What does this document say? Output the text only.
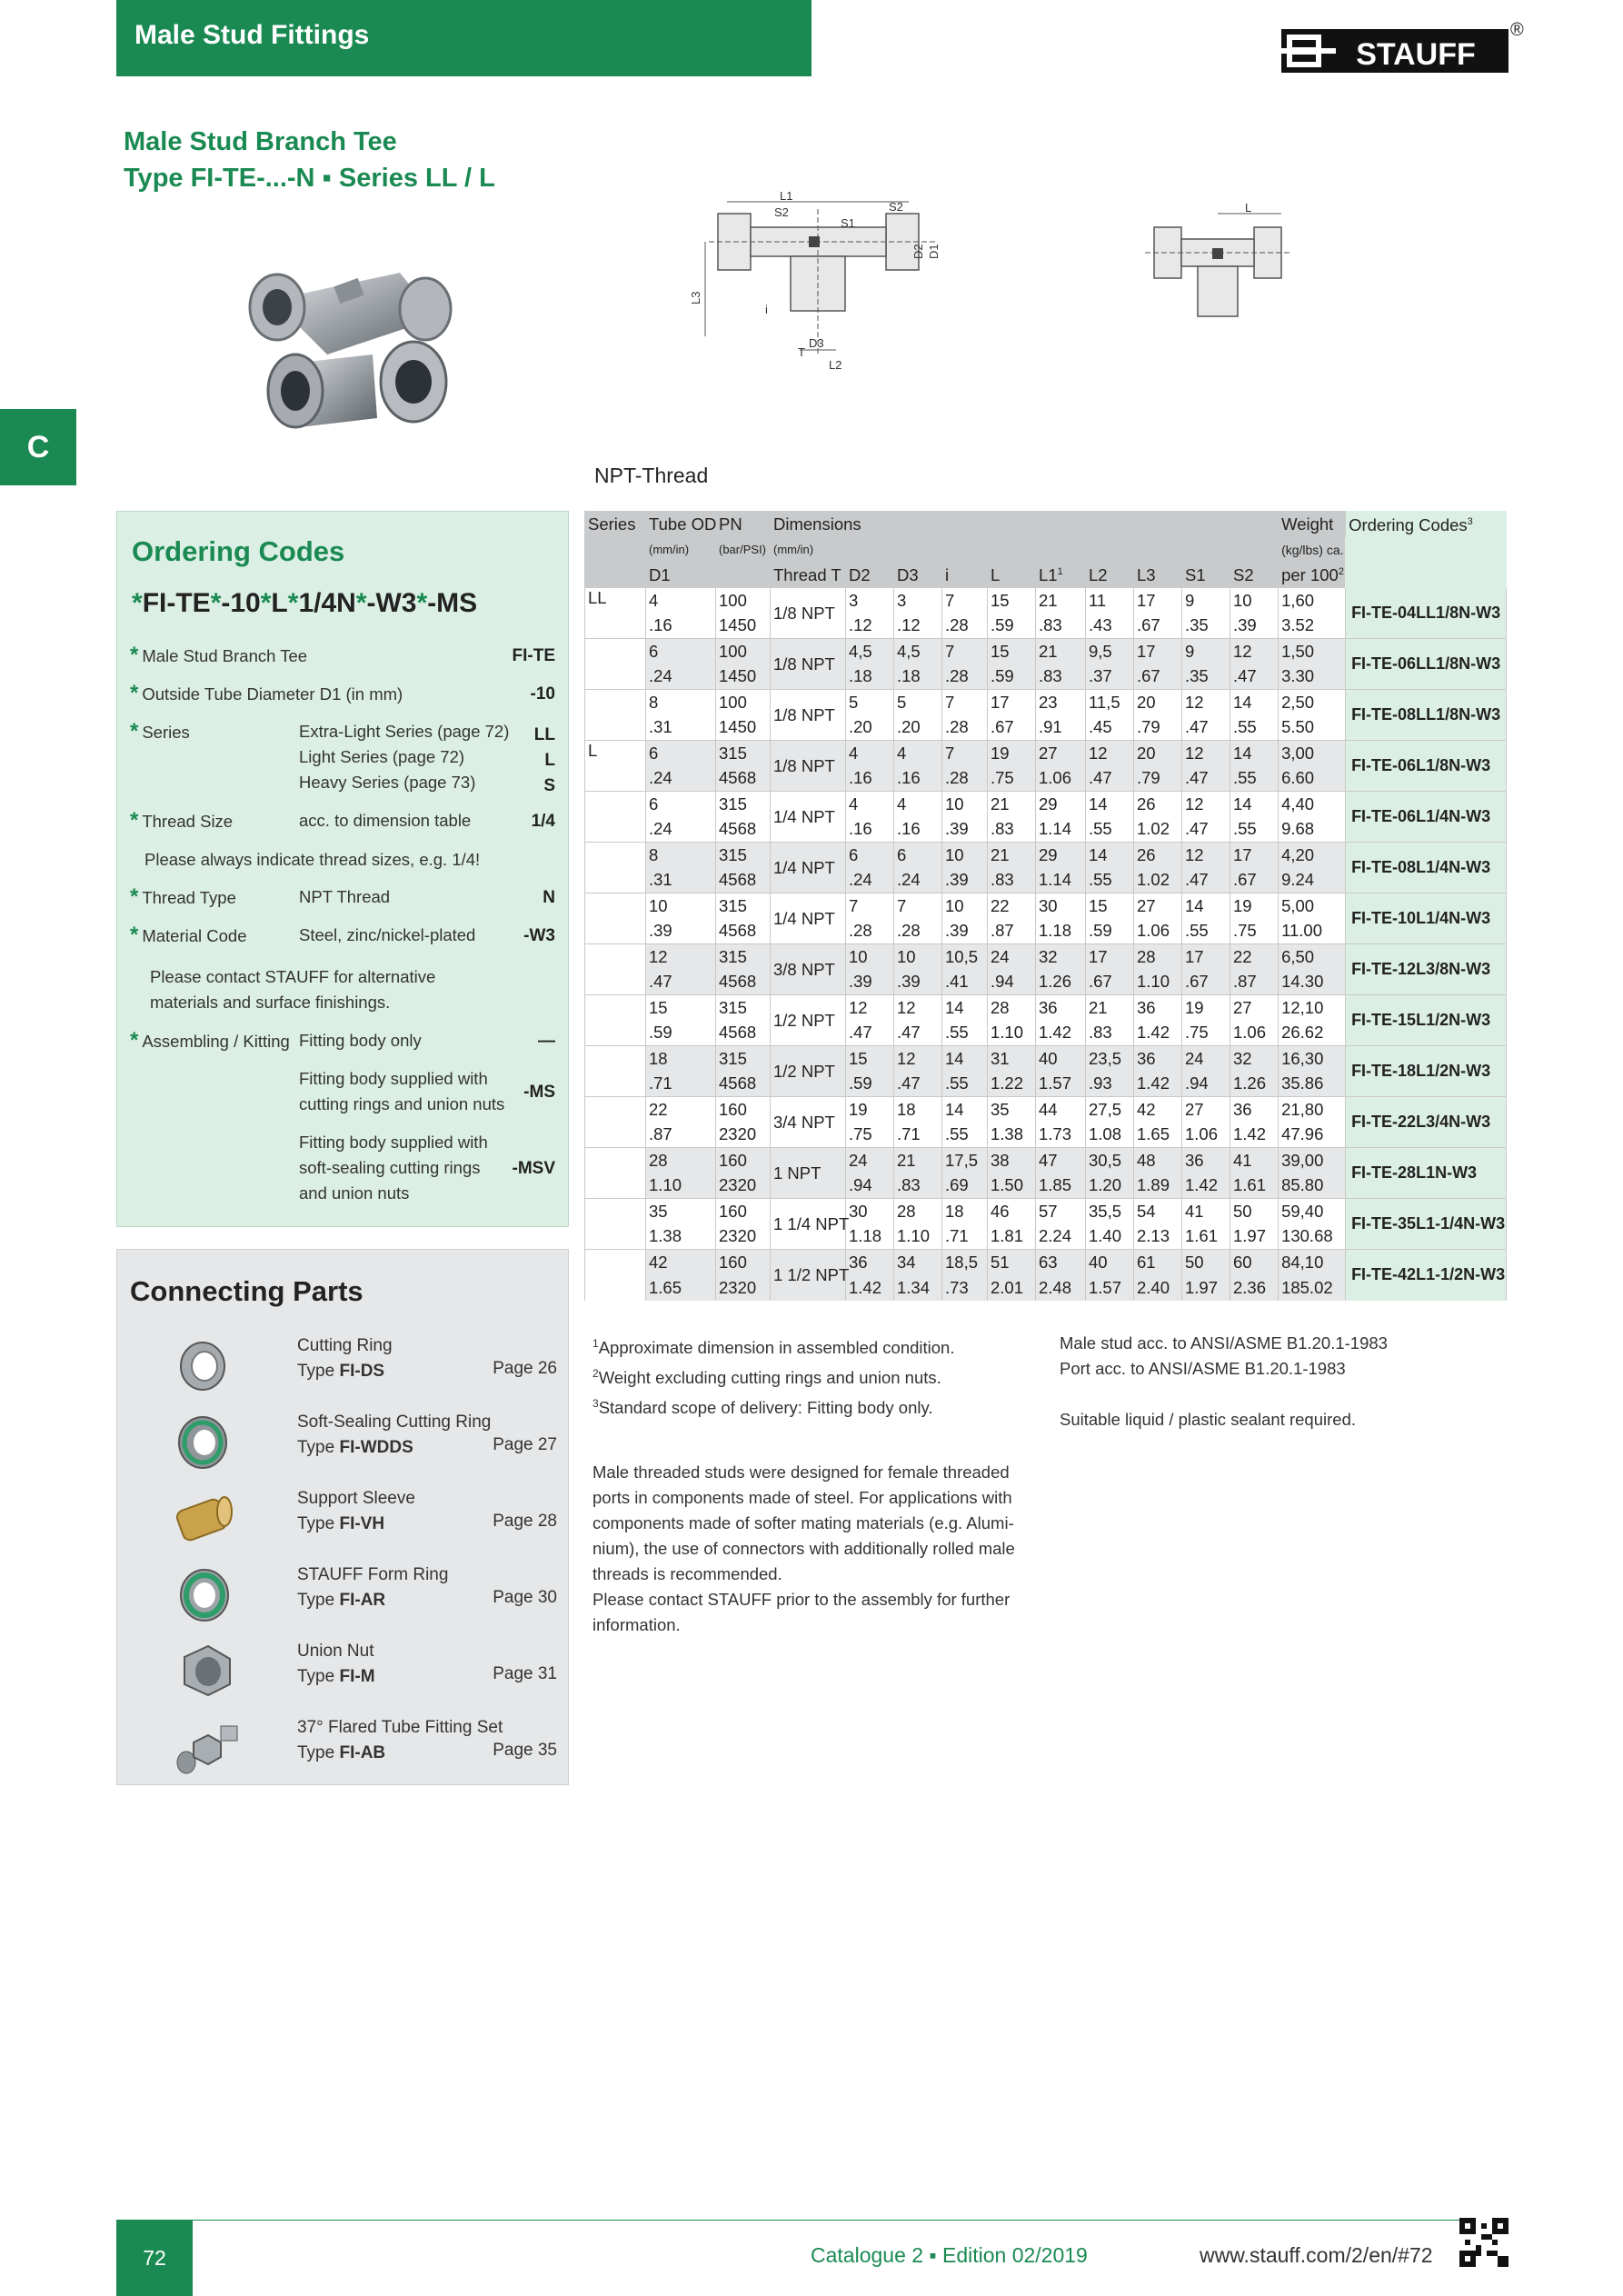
Male Stud Fittings
STAUFF
®
C
Male Stud Branch Tee
Type FI-TE-...-N ▪ Series LL / L
L1
S2
S1
S2
D2 D1
L3
i
T
D3
L2
L
NPT-Thread
Ordering Codes
*FI-TE*-10*L*1/4N*-W3*-MS
* Male Stud Branch Tee	FI-TE
* Outside Tube Diameter D1 (in mm)	-10
* Series	Extra-Light Series (page 72)
Light Series (page 72)
Heavy Series (page 73)
LL
L
S
* Thread Size	acc. to dimension table	1/4
Please always indicate thread sizes, e.g. 1/4!
* Thread Type	NPT Thread	N
* Material Code	Steel, zinc/nickel-plated	-W3
Please contact STAUFF for alternative
materials and surface finishings.
* Assembling / Kitting Fitting body only	—
Fitting body supplied with
cutting rings and union nuts
-MS
Fitting body supplied with
soft-sealing cutting rings
and union nuts
-MSV
Connecting Parts
Cutting Ring
Type FI-DS	Page 26
Soft-Sealing Cutting Ring
Type FI-WDDS	Page 27
Support Sleeve
Type FI-VH	Page 28
STAUFF Form Ring
Type FI-AR	Page 30
Union Nut
Type FI-M	Page 31
37° Flared Tube Fitting Set
Type FI-AB	Page 35
Series	Tube OD	PN	Dimensions										Weight	Ordering Codes$^3$
	(mm/in)	(bar/PSI)	(mm/in)										(kg/lbs) ca.	
	D1		Thread T	D2	D3	i	L	$L1^1$	L2	L3	S1	S2	per $100^2$
LL	4	100	1/8 NPT	3	3	7	15	21	11	17	9	10	1,60	FI-TE-04LL1/8N-W3
	.16	1450		.12	.12	.28	.59	.83	.43	.67	.35	.39	3.52	
	6	100	1/8 NPT	4,5	4,5	7	15	21	9,5	17	9	12	1,50	FI-TE-06LL1/8N-W3
	.24	1450		.18	.18	.28	.59	.83	.37	.67	.35	.47	3.30	
	8	100	1/8 NPT	5	5	7	17	23	11,5	20	12	14	2,50	FI-TE-08LL1/8N-W3
	.31	1450		.20	.20	.28	.67	.91	.45	.79	.47	.55	5.50	
L	6	315	1/8 NPT	4	4	7	19	27	12	20	12	14	3,00	FI-TE-06L1/8N-W3
	.24	4568		.16	.16	.28	.75	1.06	.47	.79	.47	.55	6.60	
	6	315	1/4 NPT	4	4	10	21	29	14	26	12	14	4,40	FI-TE-06L1/4N-W3
	.24	4568		.16	.16	.39	.83	1.14	.55	1.02	.47	.55	9.68	
	8	315	1/4 NPT	6	6	10	21	29	14	26	12	17	4,20	FI-TE-08L1/4N-W3
	.31	4568		.24	.24	.39	.83	1.14	.55	1.02	.47	.67	9.24	
	10	315	1/4 NPT	7	7	10	22	30	15	27	14	19	5,00	FI-TE-10L1/4N-W3
	.39	4568		.28	.28	.39	.87	1.18	.59	1.06	.55	.75	11.00	
	12	315	3/8 NPT	10	10	10,5	24	32	17	28	17	22	6,50	FI-TE-12L3/8N-W3
	.47	4568		.39	.39	.41	.94	1.26	.67	1.10	.67	.87	14.30	
	15	315	1/2 NPT	12	12	14	28	36	21	36	19	27	12,10	FI-TE-15L1/2N-W3
	.59	4568		.47	.47	.55	1.10	1.42	.83	1.42	.75	1.06	26.62	
	18	315	1/2 NPT	15	12	14	31	40	23,5	36	24	32	16,30	FI-TE-18L1/2N-W3
	.71	4568		.59	.47	.55	1.22	1.57	.93	1.42	.94	1.26	35.86	
	22	160	3/4 NPT	19	18	14	35	44	27,5	42	27	36	21,80	FI-TE-22L3/4N-W3
	.87	2320		.75	.71	.55	1.38	1.73	1.08	1.65	1.06	1.42	47.96	
	28	160	1 NPT	24	21	17,5	38	47	30,5	48	36	41	39,00	FI-TE-28L1N-W3
	1.10	2320		.94	.83	.69	1.50	1.85	1.20	1.89	1.42	1.61	85.80	
	35	160	1 1/4 NPT	30	28	18	46	57	35,5	54	41	50	59,40	FI-TE-35L1-1/4N-W3
	1.38	2320		1.18	1.10	.71	1.81	2.24	1.40	2.13	1.61	1.97	130.68	
	42	160	1 1/2 NPT	36	34	18,5	51	63	40	61	50	60	84,10	FI-TE-42L1-1/2N-W3
	1.65	2320		1.42	1.34	.73	2.01	2.48	1.57	2.40	1.97	2.36	185.02	
$^1$Approximate dimension in assembled condition.
$^2$Weight excluding cutting rings and union nuts.
$^3$Standard scope of delivery: Fitting body only.
Male stud acc. to ANSI/ASME B1.20.1-1983
Port acc. to ANSI/ASME B1.20.1-1983
Suitable liquid / plastic sealant required.
Male threaded studs were designed for female threaded
ports in components made of steel. For applications with
components made of softer mating materials (e.g. Alumi-
nium), the use of connectors with additionally rolled male
threads is recommended.
Please contact STAUFF prior to the assembly for further
information.
72	Catalogue 2 ▪ Edition 02/2019	www.stauff.com/2/en/#72
